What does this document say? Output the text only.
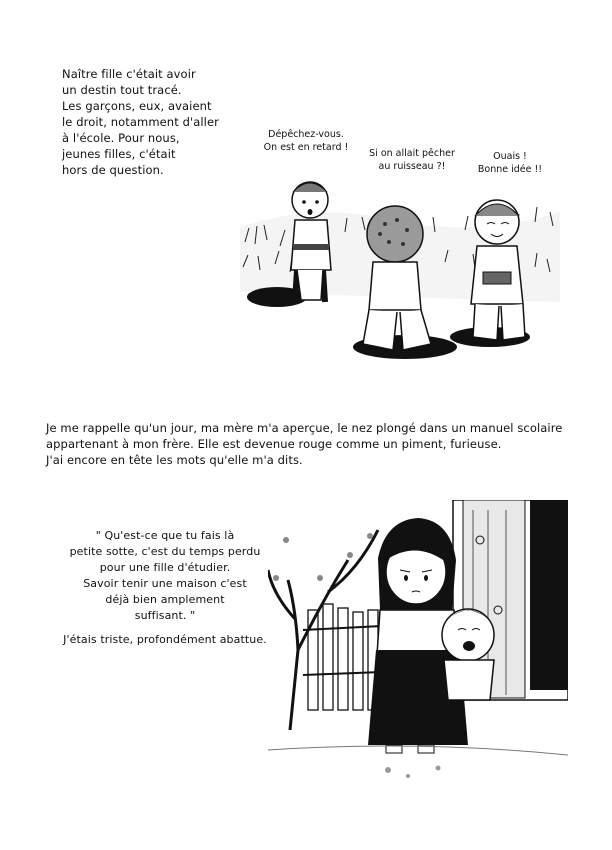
Naître fille c'était avoir

un destin tout tracé.

Les garçons, eux, avaient

le droit, notamment d'aller

à l'école. Pour nous,

jeunes filles, c'était

hors de question.

Dépêchez-vous.

On est en retard !

Si on allait pêcher

au ruisseau ?!

Ouais !

Bonne idée !!

Je me rappelle qu'un jour, ma mère m'a aperçue, le nez plongé dans un manuel scolaire

appartenant à mon frère. Elle est devenue rouge comme un piment, furieuse.

J'ai encore en tête les mots qu'elle m'a dits.

" Qu'est-ce que tu fais là

petite sotte, c'est du temps perdu

pour une fille d'étudier.

Savoir tenir une maison c'est

déjà bien amplement

suffisant. "

J'étais triste, profondément abattue.
